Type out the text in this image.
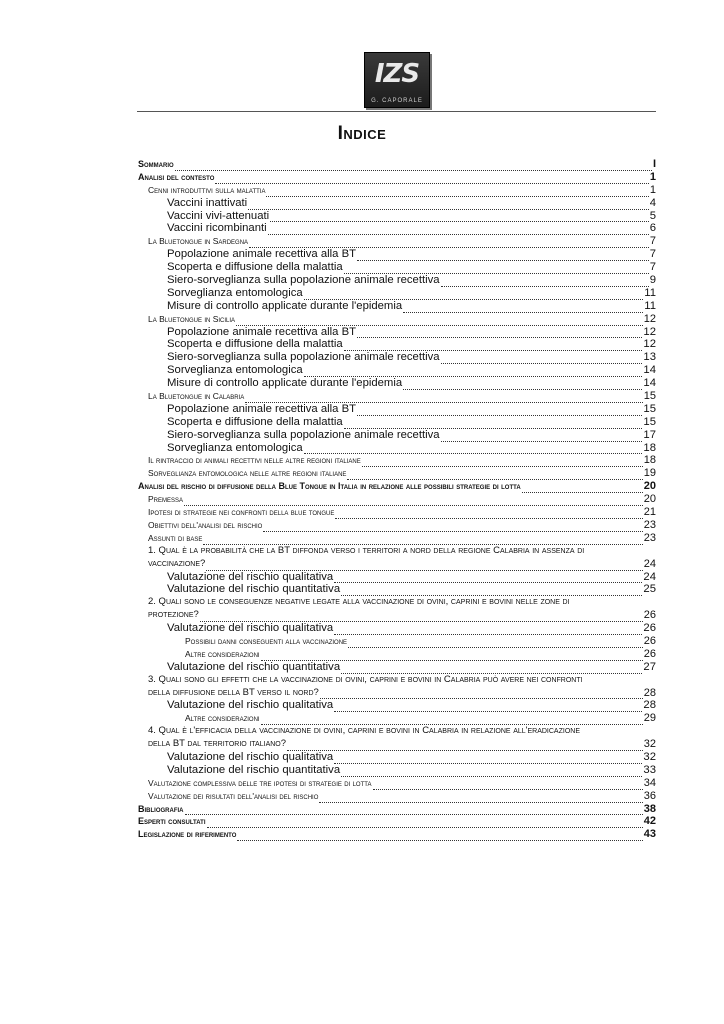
IZS
G. CAPORALE
Indice
Sommario	I
Analisi del contesto	1
Cenni introduttivi sulla malattia	1
Vaccini inattivati	4
Vaccini vivi-attenuati	5
Vaccini ricombinanti	6
La Bluetongue in Sardegna	7
Popolazione animale recettiva alla BT	7
Scoperta e diffusione della malattia	7
Siero-sorveglianza sulla popolazione animale recettiva	9
Sorveglianza entomologica	11
Misure di controllo applicate durante l'epidemia	11
La Bluetongue in Sicilia	12
Popolazione animale recettiva alla BT	12
Scoperta e diffusione della malattia	12
Siero-sorveglianza sulla popolazione animale recettiva	13
Sorveglianza entomologica	14
Misure di controllo applicate durante l'epidemia	14
La Bluetongue in Calabria	15
Popolazione animale recettiva alla BT	15
Scoperta e diffusione della malattia	15
Siero-sorveglianza sulla popolazione animale recettiva	17
Sorveglianza entomologica	18
Il rintraccio di animali recettivi nelle altre regioni italiane	18
Sorveglianza entomologica nelle altre regioni italiane	19
Analisi del rischio di diffusione della Blue Tongue in Italia in relazione alle possibili strategie di lotta	20
Premessa	20
Ipotesi di strategie nei confronti della blue tongue	21
Obiettivi dell'analisi del rischio	23
Assunti di base	23
1. Qual è la probabilità che la BT diffonda verso i territori a nord della regione Calabria in assenza di
vaccinazione?	24
Valutazione del rischio qualitativa	24
Valutazione del rischio quantitativa	25
2. Quali sono le conseguenze negative legate alla vaccinazione di ovini, caprini e bovini nelle zone di
protezione?	26
Valutazione del rischio qualitativa	26
Possibili danni conseguenti alla vaccinazione	26
Altre considerazioni	26
Valutazione del rischio quantitativa	27
3. Quali sono gli effetti che la vaccinazione di ovini, caprini e bovini in Calabria può avere nei confronti
della diffusione della BT verso il nord?	28
Valutazione del rischio qualitativa	28
Altre considerazioni	29
4. Qual è l'efficacia della vaccinazione di ovini, caprini e bovini in Calabria in relazione all'eradicazione
della BT dal territorio italiano?	32
Valutazione del rischio qualitativa	32
Valutazione del rischio quantitativa	33
Valutazione complessiva delle tre ipotesi di strategie di lotta	34
Valutazione dei risultati dell'analisi del rischio	36
Bibliografia	38
Esperti consultati	42
Legislazione di riferimento	43
